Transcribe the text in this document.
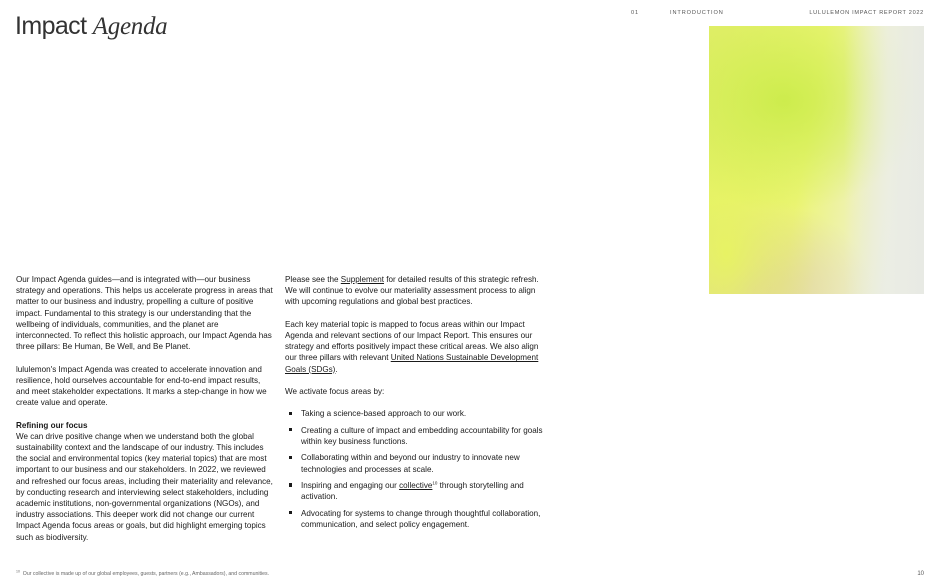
01	INTRODUCTION	LULULEMON IMPACT REPORT 2022
Impact Agenda

Our Impact Agenda guides—and is integrated with—our business strategy and operations. This helps us accelerate progress in areas that matter to our business and industry, propelling a culture of positive impact. Fundamental to this strategy is our understanding that the wellbeing of individuals, communities, and the planet are interconnected. To reflect this holistic approach, our Impact Agenda has three pillars: Be Human, Be Well, and Be Planet.

lululemon's Impact Agenda was created to accelerate innovation and resilience, hold ourselves accountable for end-to-end impact results, and meet stakeholder expectations. It marks a step-change in how we create value and operate.

Refining our focus

We can drive positive change when we understand both the global sustainability context and the landscape of our industry. This includes the social and environmental topics (key material topics) that are most important to our business and our stakeholders. In 2022, we reviewed and refreshed our focus areas, including their materiality and relevance, by conducting research and interviewing select stakeholders, including academic institutions, non-governmental organizations (NGOs), and industry associations. This deeper work did not change our current Impact Agenda focus areas or goals, but did highlight emerging topics such as biodiversity.

Please see the Supplement for detailed results of this strategic refresh. We will continue to evolve our materiality assessment process to align with upcoming regulations and global best practices.

Each key material topic is mapped to focus areas within our Impact Agenda and relevant sections of our Impact Report. This ensures our strategy and efforts positively impact these critical areas. We also align our three pillars with relevant United Nations Sustainable Development Goals (SDGs).

We activate focus areas by:

Taking a science-based approach to our work.
Creating a culture of impact and embedding accountability for goals within key business functions.
Collaborating within and beyond our industry to innovate new technologies and processes at scale.
Inspiring and engaging our collective$^{10}$ through storytelling and activation.
Advocating for systems to change through thoughtful collaboration, communication, and select policy engagement.
$^{10}$ Our collective is made up of our global employees, guests, partners (e.g., Ambassadors), and communities.	10
